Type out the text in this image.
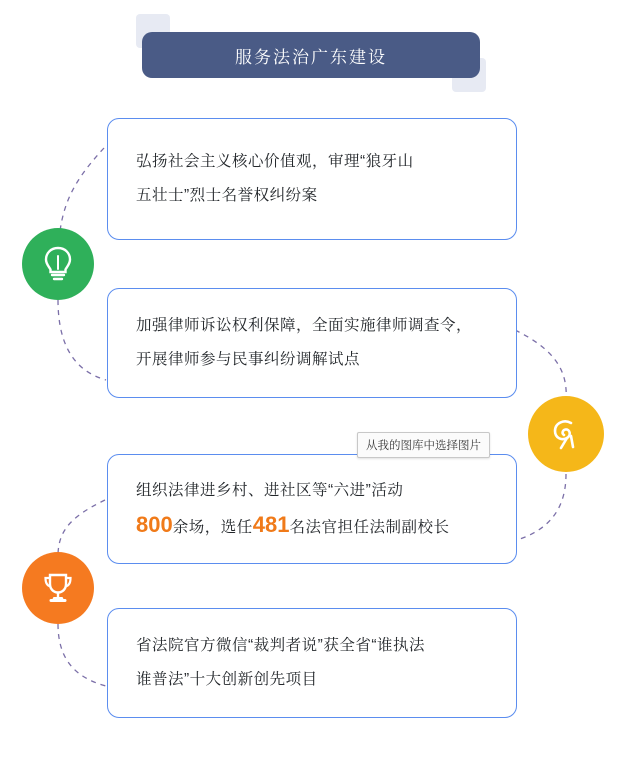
服务法治广东建设

弘扬社会主义核心价值观，审理“狼牙山

五壮士”烈士名誉权纠纷案

加强律师诉讼权利保障，全面实施律师调查令，

开展律师参与民事纠纷调解试点

组织法律进乡村、进社区等“六进”活动

800余场，选任481名法官担任法制副校长

省法院官方微信“裁判者说”获全省“谁执法

谁普法”十大创新创先项目

从我的图库中选择图片
